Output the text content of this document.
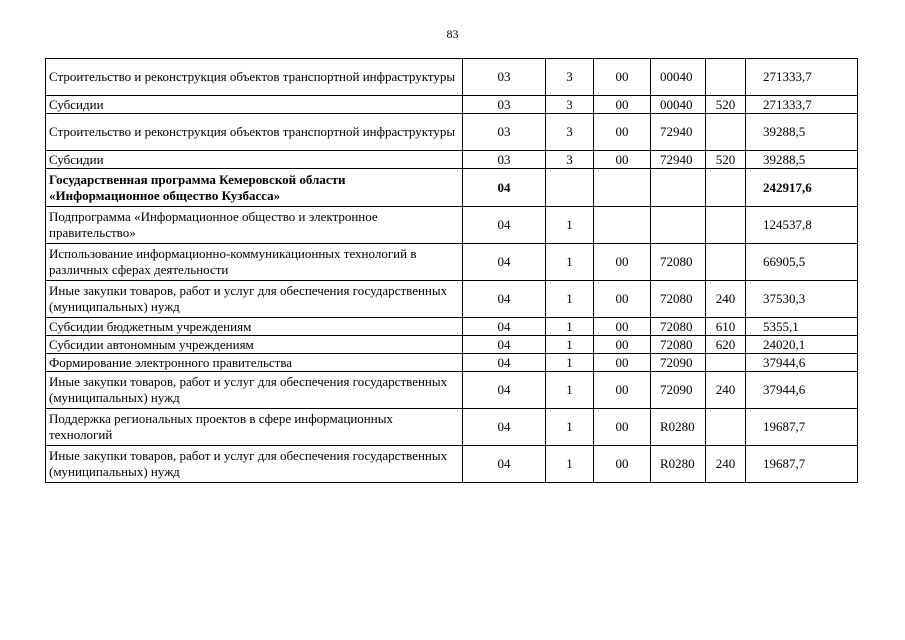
83
Строительство и реконструкция объектов транспортной инфраструктуры	03	3	00	00040		271333,7
Субсидии	03	3	00	00040	520	271333,7
Строительство и реконструкция объектов транспортной инфраструктуры	03	3	00	72940		39288,5
Субсидии	03	3	00	72940	520	39288,5
Государственная программа Кемеровской области «Информационное общество Кузбасса»	04					242917,6
Подпрограмма «Информационное общество и электронное правительство»	04	1				124537,8
Использование информационно-коммуникационных технологий в различных сферах деятельности	04	1	00	72080		66905,5
Иные закупки товаров, работ и услуг для обеспечения государственных (муниципальных) нужд	04	1	00	72080	240	37530,3
Субсидии бюджетным учреждениям	04	1	00	72080	610	5355,1
Субсидии автономным учреждениям	04	1	00	72080	620	24020,1
Формирование электронного правительства	04	1	00	72090		37944,6
Иные закупки товаров, работ и услуг для обеспечения государственных (муниципальных) нужд	04	1	00	72090	240	37944,6
Поддержка региональных проектов в сфере информационных технологий	04	1	00	R0280		19687,7
Иные закупки товаров, работ и услуг для обеспечения государственных (муниципальных) нужд	04	1	00	R0280	240	19687,7
